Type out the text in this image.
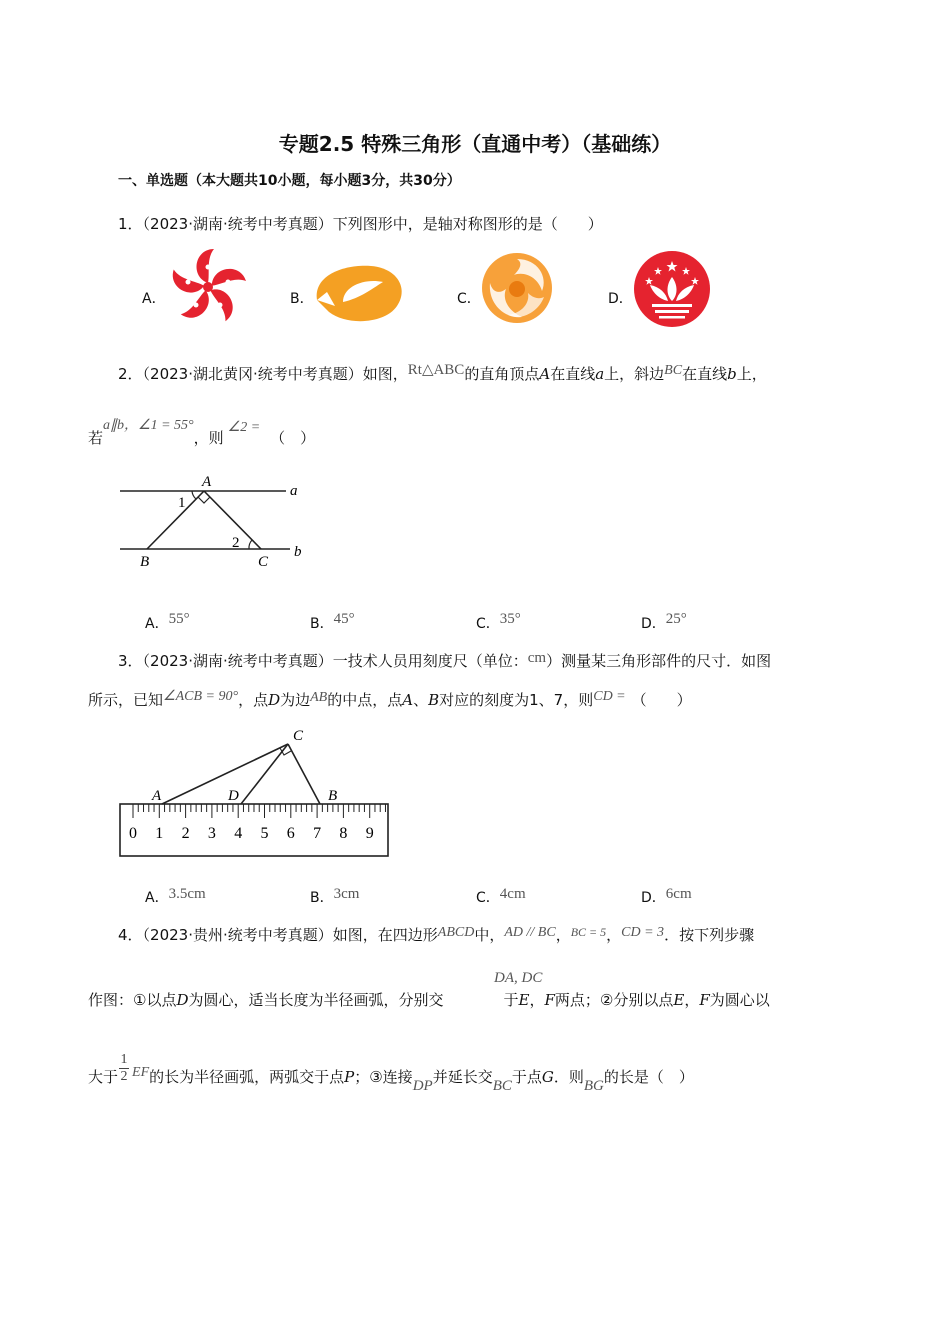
专题2.5 特殊三角形（直通中考）（基础练）
一、单选题（本大题共10小题，每小题3分，共30分）
1．（2023·湖南·统考中考真题）下列图形中，是轴对称图形的是（　　）
A．	B．	C．	D．
2．（2023·湖北黄冈·统考中考真题）如图，Rt△ABC的直角顶点A在直线a上，斜边BC在直线b上，
若a∥b，∠1 = 55°，则∠2 =（　）
A
a
1
2
B	C
b
A．55°	B．45°	C．35°	D．25°
3．（2023·湖南·统考中考真题）一技术人员用刻度尺（单位：cm）测量某三角形部件的尺寸．如图
所示，已知∠ACB = 90°，点D为边AB的中点，点A、B对应的刻度为1、7，则CD = （　　）
0 1 2 3 4 5 6 7 8 9
C
A	D	B
A．3.5cm	B．3cm	C．4cm	D．6cm
4．（2023·贵州·统考中考真题）如图，在四边形ABCD中，AD // BC，$^{BC = 5}$，CD = 3．按下列步骤
DA, DC
作图：①以点D为圆心，适当长度为半径画弧，分别交	于E，F两点；②分别以点E，F为圆心以
1
2
大于 EF的长为半径画弧，两弧交于点P；③连接DP并延长交BC于点G．则BG的长是（　）
